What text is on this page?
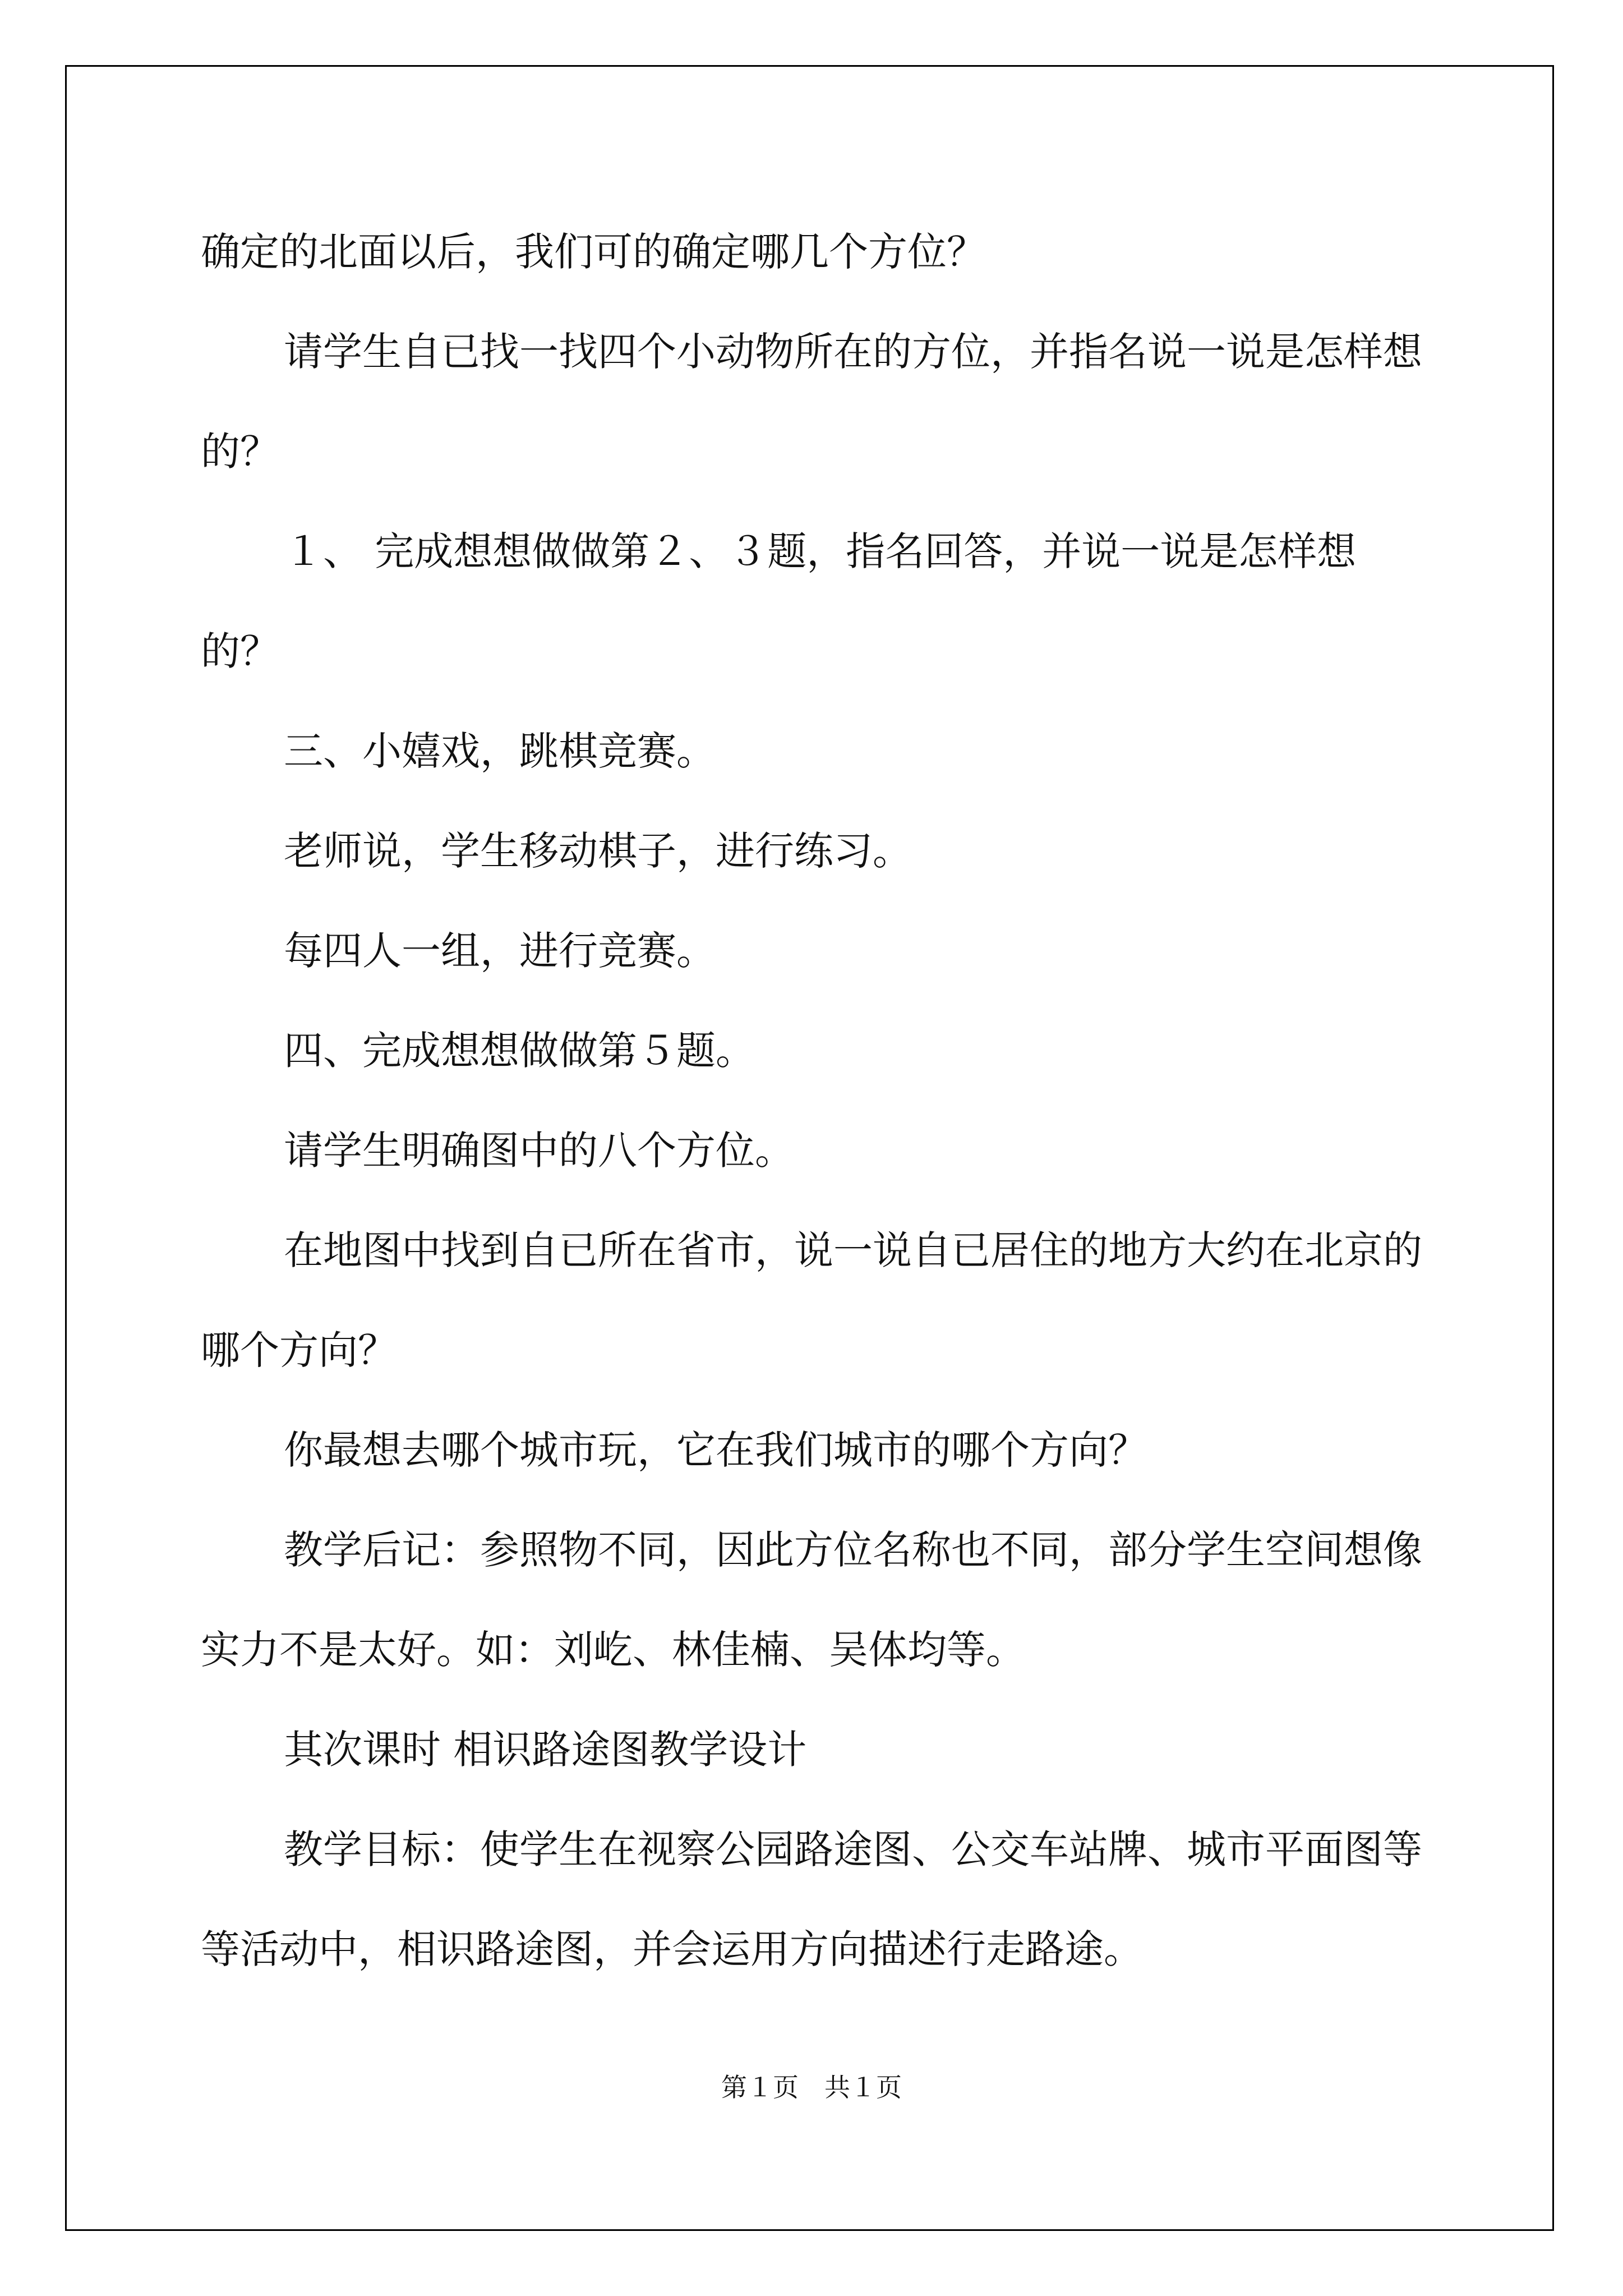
确定的北面以后，我们可的确定哪几个方位？

请学生自已找一找四个小动物所在的方位，并指名说一说是怎样想的？

１、 完成想想做做第２、３题，指名回答，并说一说是怎样想的？

三、小嬉戏，跳棋竞赛。

老师说，学生移动棋子，进行练习。

每四人一组，进行竞赛。

四、完成想想做做第５题。

请学生明确图中的八个方位。

在地图中找到自已所在省市，说一说自已居住的地方大约在北京的哪个方向？

你最想去哪个城市玩，它在我们城市的哪个方向？

教学后记：参照物不同，因此方位名称也不同，部分学生空间想像实力不是太好。如：刘屹、林佳楠、吴体均等。

其次课时 相识路途图教学设计

教学目标：使学生在视察公园路途图、公交车站牌、城市平面图等等活动中，相识路途图，并会运用方向描述行走路途。

第１页　共１页
